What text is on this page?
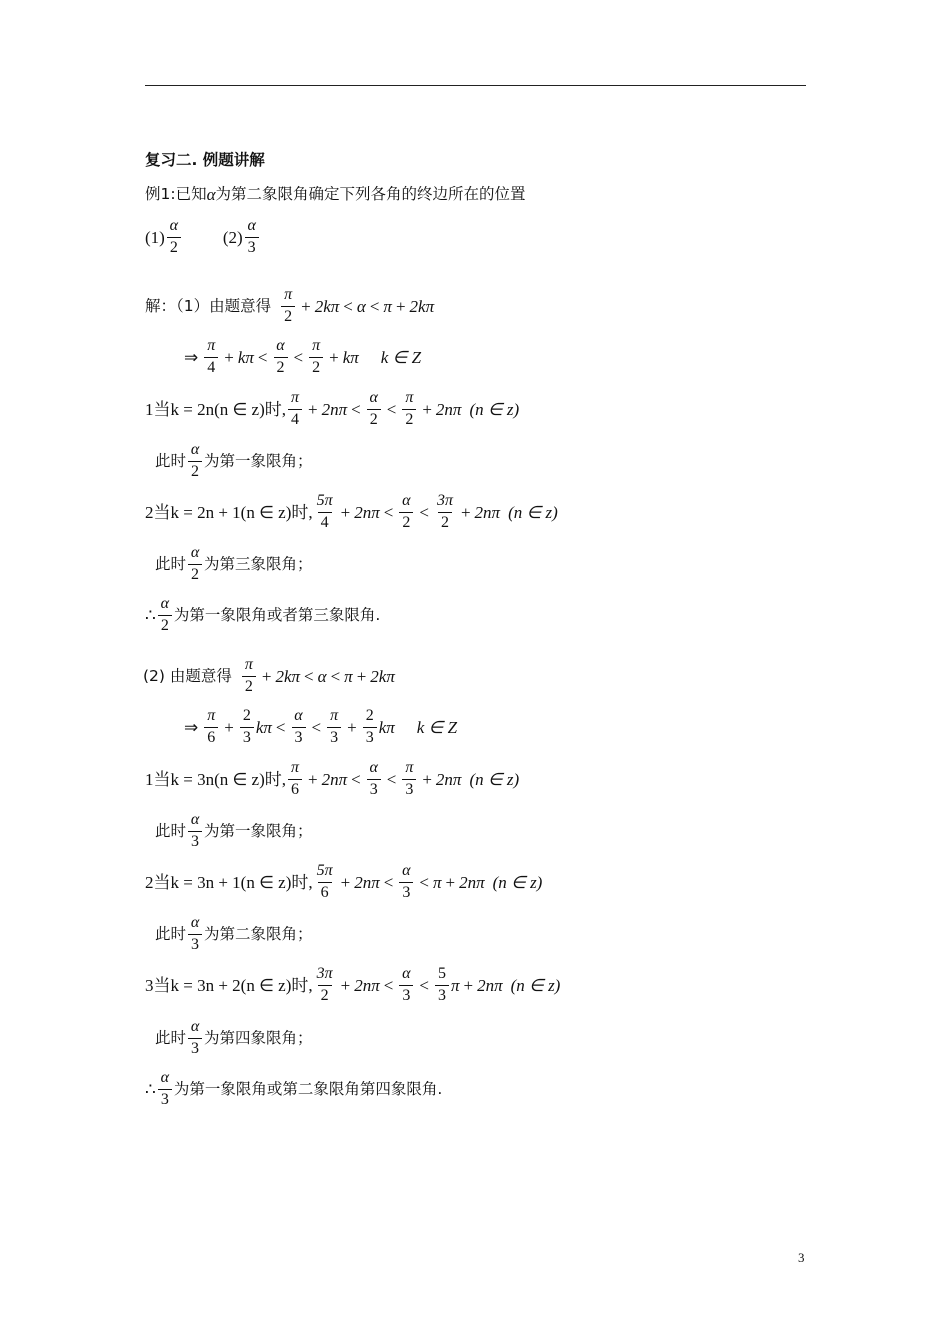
复习二. 例题讲解
例1: 已知 α 为第二象限角确定下列各角的终边所在的位置
$(1) \frac{\alpha}{2} (2) \frac{\alpha}{3}$
解：（1）由题意得 $\frac{\pi}{2} + 2k\pi < \alpha < \pi + 2k\pi$
⇒ $\frac{\pi}{4} + k\pi < \frac{\alpha}{2} < \frac{\pi}{2} + k\pi$ k ∈ Z
1 当k = 2n(n ∈ z)时 , $\frac{\pi}{4} + 2n\pi < \frac{\alpha}{2} < \frac{\pi}{2} + 2n\pi$ (n ∈ z)
此时 $\frac{\alpha}{2}$ 为第一象限角；
2 当k = 2n + 1(n ∈ z)时 , $\frac{5\pi}{4} + 2n\pi < \frac{\alpha}{2} < \frac{3\pi}{2} + 2n\pi$ (n ∈ z)
此时 $\frac{\alpha}{2}$ 为第三象限角；
∴ $\frac{\alpha}{2}$ 为第一象限角或者第三象限角.
(2) 由题意得 $\frac{\pi}{2} + 2k\pi < \alpha < \pi + 2k\pi$
⇒ $\frac{\pi}{6} + \frac{2}{3}$ $k\pi < \frac{\alpha}{3} < \frac{\pi}{3} + \frac{2}{3}$ kπ k ∈ Z
1 当k = 3n(n ∈ z)时 , $\frac{\pi}{6} + 2n\pi < \frac{\alpha}{3} < \frac{\pi}{3} + 2n\pi$ (n ∈ z)
此时 $\frac{\alpha}{3}$ 为第一象限角；
2 当k = 3n + 1(n ∈ z)时 , $\frac{5\pi}{6} + 2n\pi < \frac{\alpha}{3} < \pi + 2n\pi$ (n ∈ z)
此时 $\frac{\alpha}{3}$ 为第二象限角；
3 当k = 3n + 2(n ∈ z)时 , $\frac{3\pi}{2} + 2n\pi < \frac{\alpha}{3} < \frac{5}{3}$ π + 2nπ (n ∈ z)
此时 $\frac{\alpha}{3}$ 为第四象限角；
∴ $\frac{\alpha}{3}$ 为第一象限角或第二象限角第四象限角.
3
